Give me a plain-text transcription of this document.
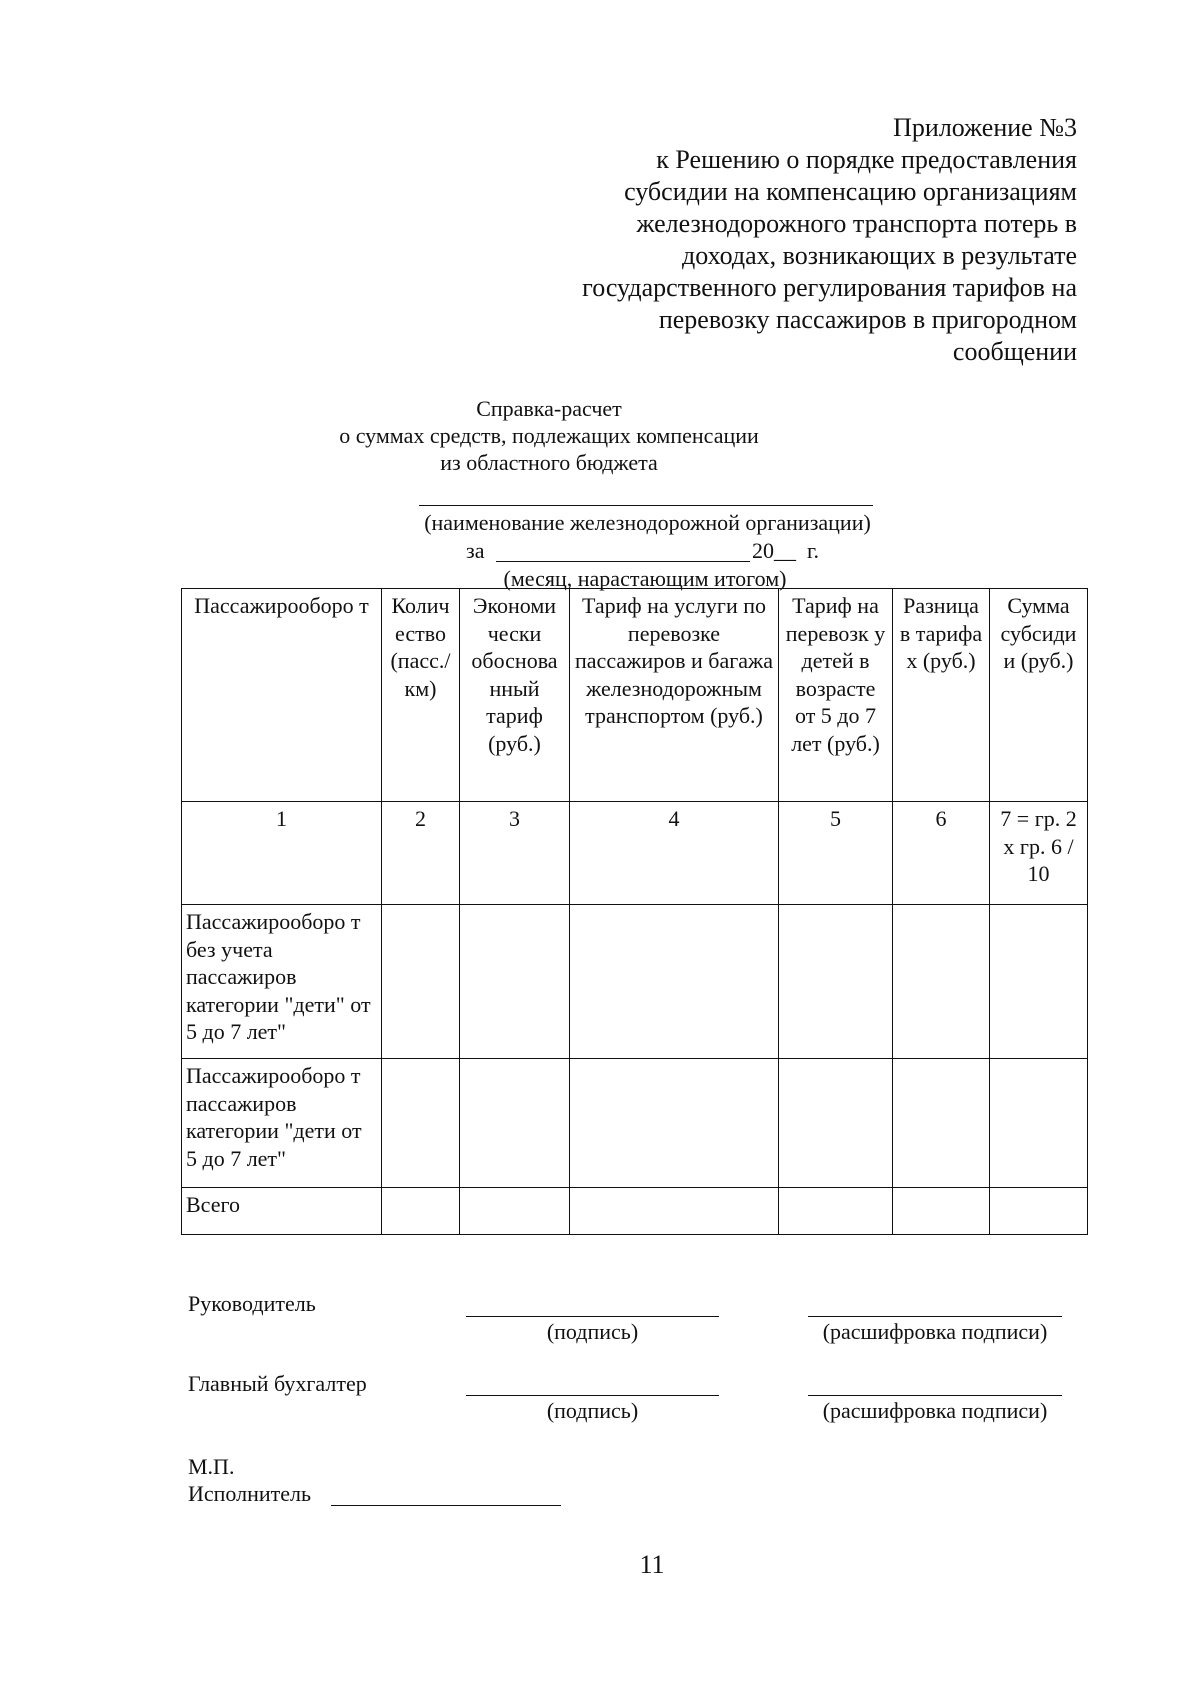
Приложение №3
к Решению о порядке предоставления
субсидии на компенсацию организациям
железнодорожного транспорта потерь в
доходах, возникающих в результате
государственного регулирования тарифов на
перевозку пассажиров в пригородном
сообщении
Справка-расчет
о суммах средств, подлежащих компенсации
из областного бюджета
(наименование железнодорожной организации)
за	20__ г.
(месяц, нарастающим итогом)
Пассажирооборо т	Колич ество (пасс./ км)	Экономи чески обоснова нный тариф (руб.)	Тариф на услуги по перевозке пассажиров и багажа железнодорожным транспортом (руб.)	Тариф на перевозк у детей в возрасте от 5 до 7 лет (руб.)	Разница в тарифа х (руб.)	Сумма субсиди и (руб.)
1	2	3	4	5	6	7 = гр. 2 х гр. 6 / 10
Пассажирооборо т без учета пассажиров категории "дети" от 5 до 7 лет"						
Пассажирооборо т пассажиров категории "дети от 5 до 7 лет"						
Всего						
Руководитель
(подпись)	(расшифровка подписи)
Главный бухгалтер
(подпись)	(расшифровка подписи)
М.П.
Исполнитель
11
